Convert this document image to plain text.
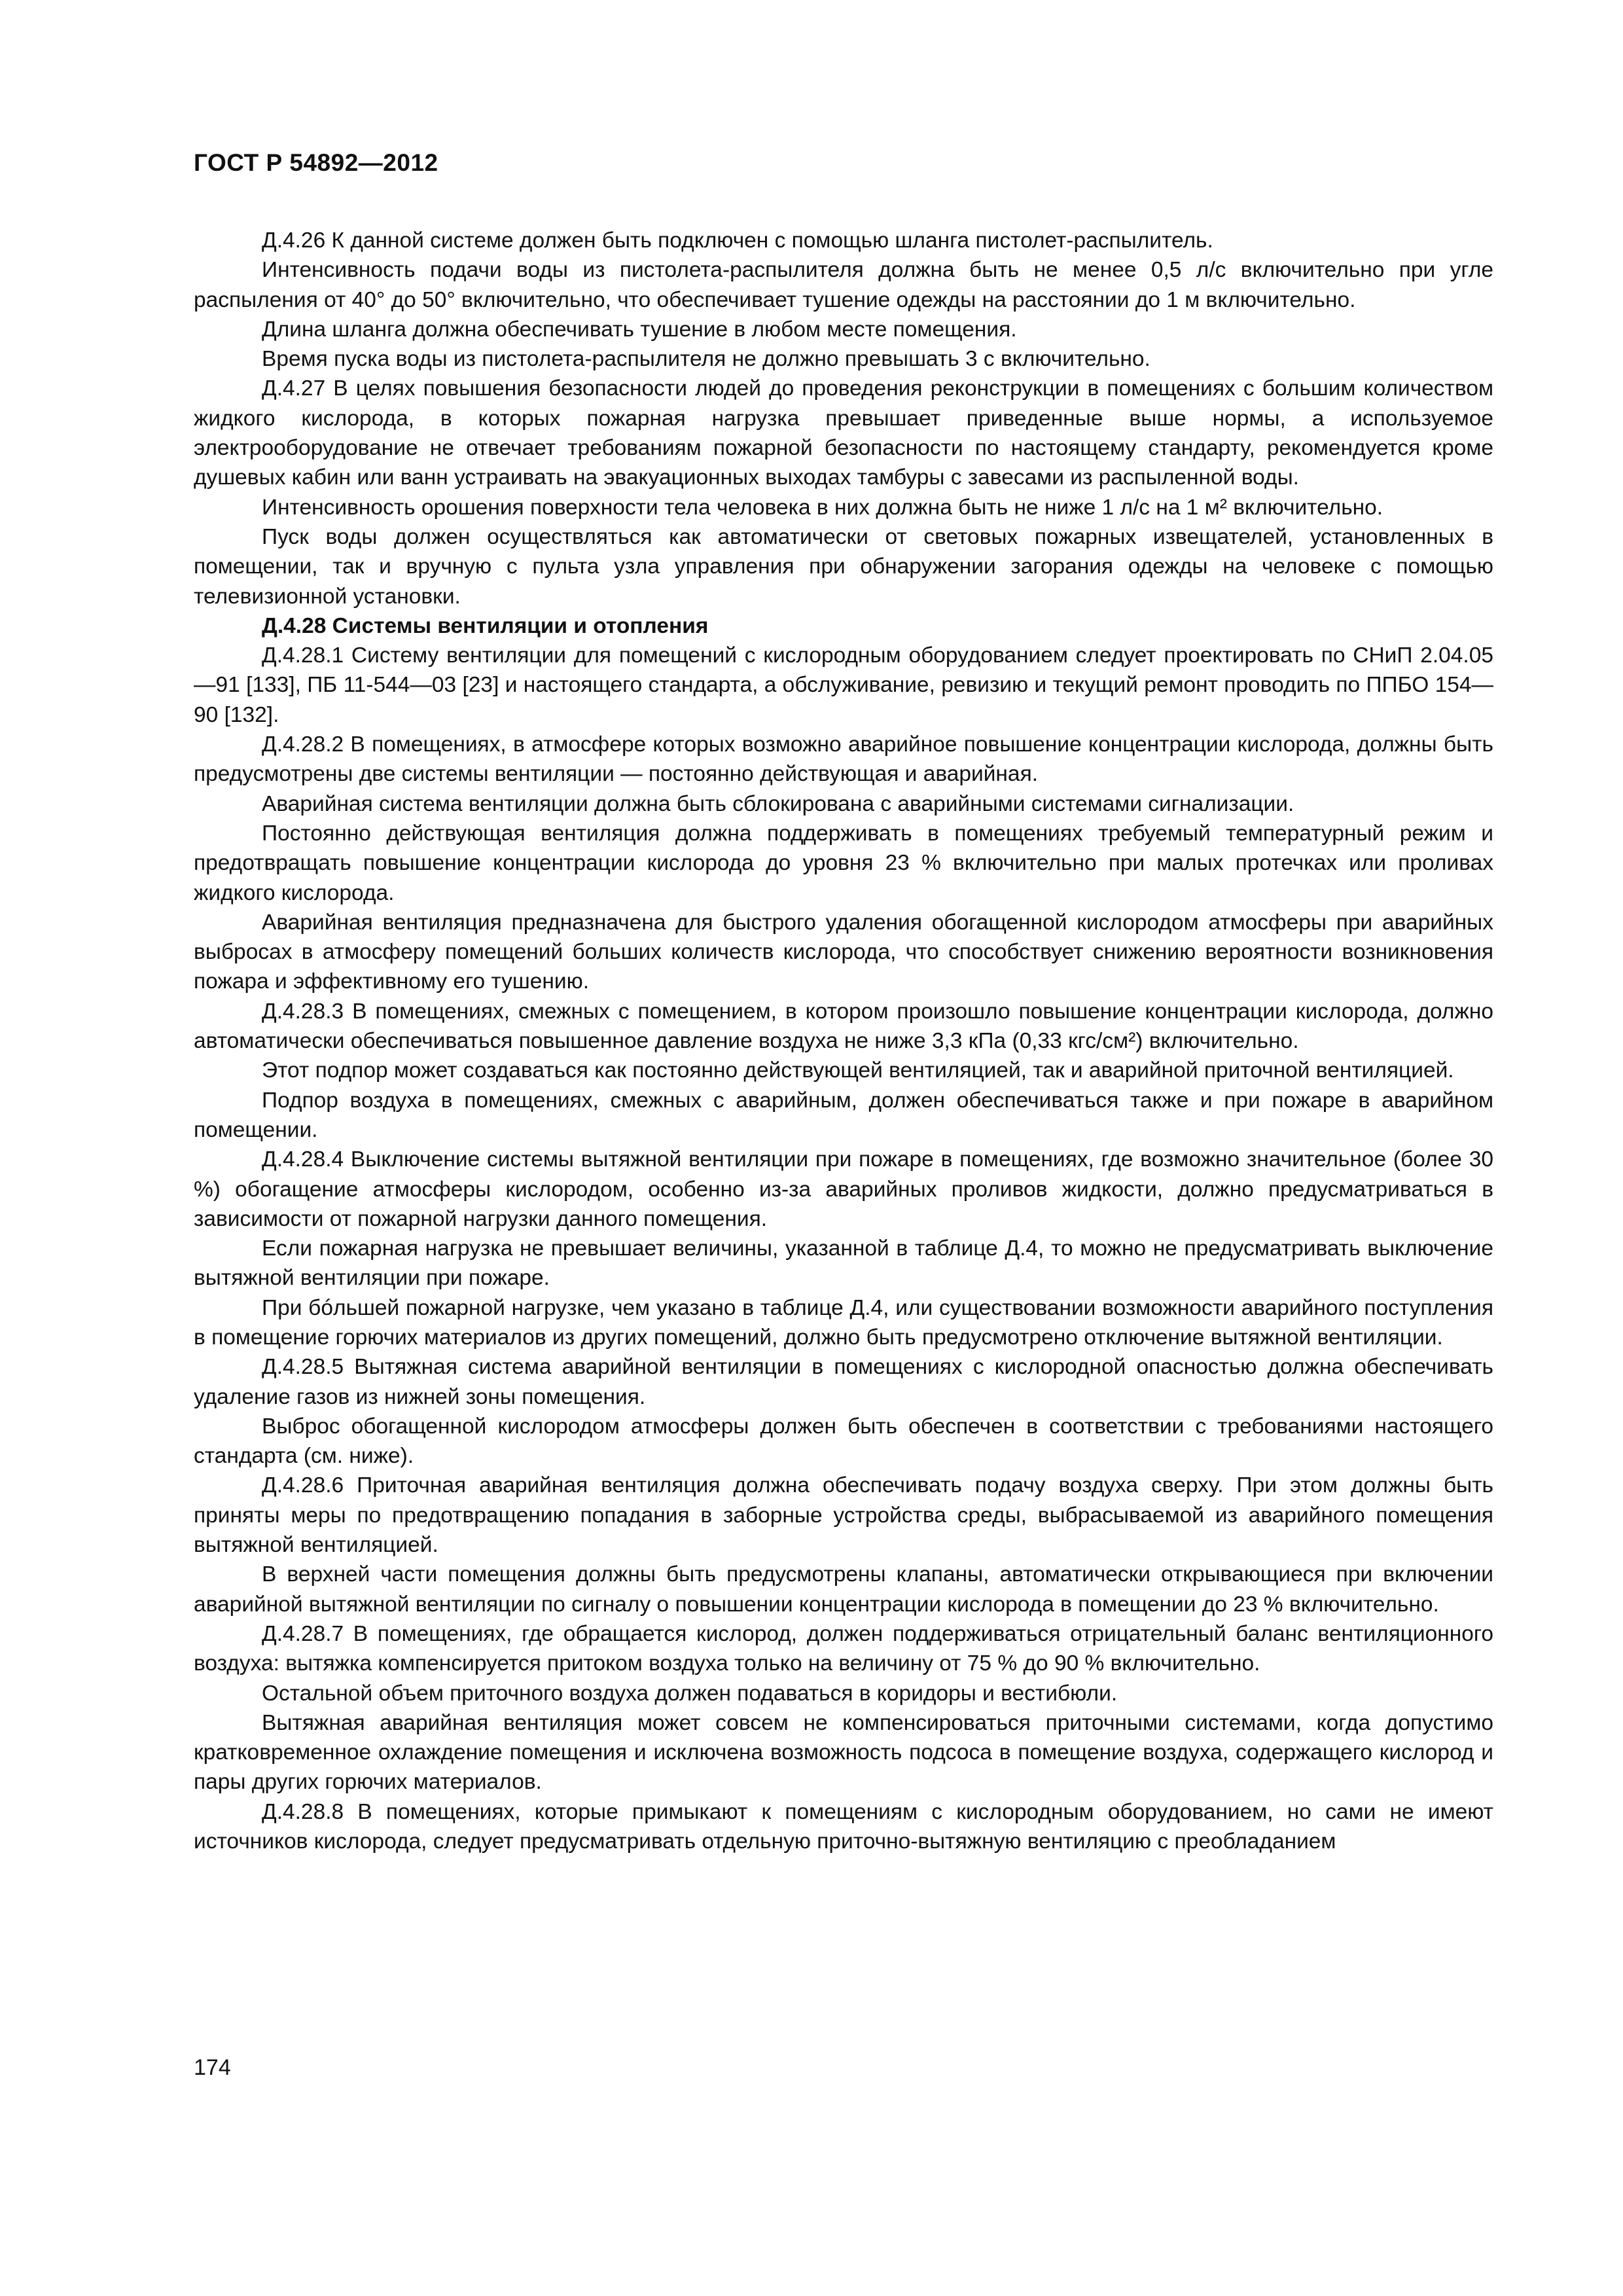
ГОСТ Р 54892—2012

Д.4.26 К данной системе должен быть подключен с помощью шланга пистолет-распылитель.

Интенсивность подачи воды из пистолета-распылителя должна быть не менее 0,5 л/с включительно при угле распыления от 40° до 50° включительно, что обеспечивает тушение одежды на расстоянии до 1 м включительно.

Длина шланга должна обеспечивать тушение в любом месте помещения.

Время пуска воды из пистолета-распылителя не должно превышать 3 с включительно.

Д.4.27 В целях повышения безопасности людей до проведения реконструкции в помещениях с большим количеством жидкого кислорода, в которых пожарная нагрузка превышает приведенные выше нормы, а используемое электрооборудование не отвечает требованиям пожарной безопасности по настоящему стандарту, рекомендуется кроме душевых кабин или ванн устраивать на эвакуационных выходах тамбуры с завесами из распыленной воды.

Интенсивность орошения поверхности тела человека в них должна быть не ниже 1 л/с на 1 м² включительно.

Пуск воды должен осуществляться как автоматически от световых пожарных извещателей, установленных в помещении, так и вручную с пульта узла управления при обнаружении загорания одежды на человеке с помощью телевизионной установки.

Д.4.28 Системы вентиляции и отопления

Д.4.28.1 Систему вентиляции для помещений с кислородным оборудованием следует проектировать по СНиП 2.04.05—91 [133], ПБ 11-544—03 [23] и настоящего стандарта, а обслуживание, ревизию и текущий ремонт проводить по ППБО 154—90 [132].

Д.4.28.2 В помещениях, в атмосфере которых возможно аварийное повышение концентрации кислорода, должны быть предусмотрены две системы вентиляции — постоянно действующая и аварийная.

Аварийная система вентиляции должна быть сблокирована с аварийными системами сигнализации.

Постоянно действующая вентиляция должна поддерживать в помещениях требуемый температурный режим и предотвращать повышение концентрации кислорода до уровня 23 % включительно при малых протечках или проливах жидкого кислорода.

Аварийная вентиляция предназначена для быстрого удаления обогащенной кислородом атмосферы при аварийных выбросах в атмосферу помещений больших количеств кислорода, что способствует снижению вероятности возникновения пожара и эффективному его тушению.

Д.4.28.3 В помещениях, смежных с помещением, в котором произошло повышение концентрации кислорода, должно автоматически обеспечиваться повышенное давление воздуха не ниже 3,3 кПа (0,33 кгс/см²) включительно.

Этот подпор может создаваться как постоянно действующей вентиляцией, так и аварийной приточной вентиляцией.

Подпор воздуха в помещениях, смежных с аварийным, должен обеспечиваться также и при пожаре в аварийном помещении.

Д.4.28.4 Выключение системы вытяжной вентиляции при пожаре в помещениях, где возможно значительное (более 30 %) обогащение атмосферы кислородом, особенно из-за аварийных проливов жидкости, должно предусматриваться в зависимости от пожарной нагрузки данного помещения.

Если пожарная нагрузка не превышает величины, указанной в таблице Д.4, то можно не предусматривать выключение вытяжной вентиляции при пожаре.

При бóльшей пожарной нагрузке, чем указано в таблице Д.4, или существовании возможности аварийного поступления в помещение горючих материалов из других помещений, должно быть предусмотрено отключение вытяжной вентиляции.

Д.4.28.5 Вытяжная система аварийной вентиляции в помещениях с кислородной опасностью должна обеспечивать удаление газов из нижней зоны помещения.

Выброс обогащенной кислородом атмосферы должен быть обеспечен в соответствии с требованиями настоящего стандарта (см. ниже).

Д.4.28.6 Приточная аварийная вентиляция должна обеспечивать подачу воздуха сверху. При этом должны быть приняты меры по предотвращению попадания в заборные устройства среды, выбрасываемой из аварийного помещения вытяжной вентиляцией.

В верхней части помещения должны быть предусмотрены клапаны, автоматически открывающиеся при включении аварийной вытяжной вентиляции по сигналу о повышении концентрации кислорода в помещении до 23 % включительно.

Д.4.28.7 В помещениях, где обращается кислород, должен поддерживаться отрицательный баланс вентиляционного воздуха: вытяжка компенсируется притоком воздуха только на величину от 75 % до 90 % включительно.

Остальной объем приточного воздуха должен подаваться в коридоры и вестибюли.

Вытяжная аварийная вентиляция может совсем не компенсироваться приточными системами, когда допустимо кратковременное охлаждение помещения и исключена возможность подсоса в помещение воздуха, содержащего кислород и пары других горючих материалов.

Д.4.28.8 В помещениях, которые примыкают к помещениям с кислородным оборудованием, но сами не имеют источников кислорода, следует предусматривать отдельную приточно-вытяжную вентиляцию с преобладанием

174
